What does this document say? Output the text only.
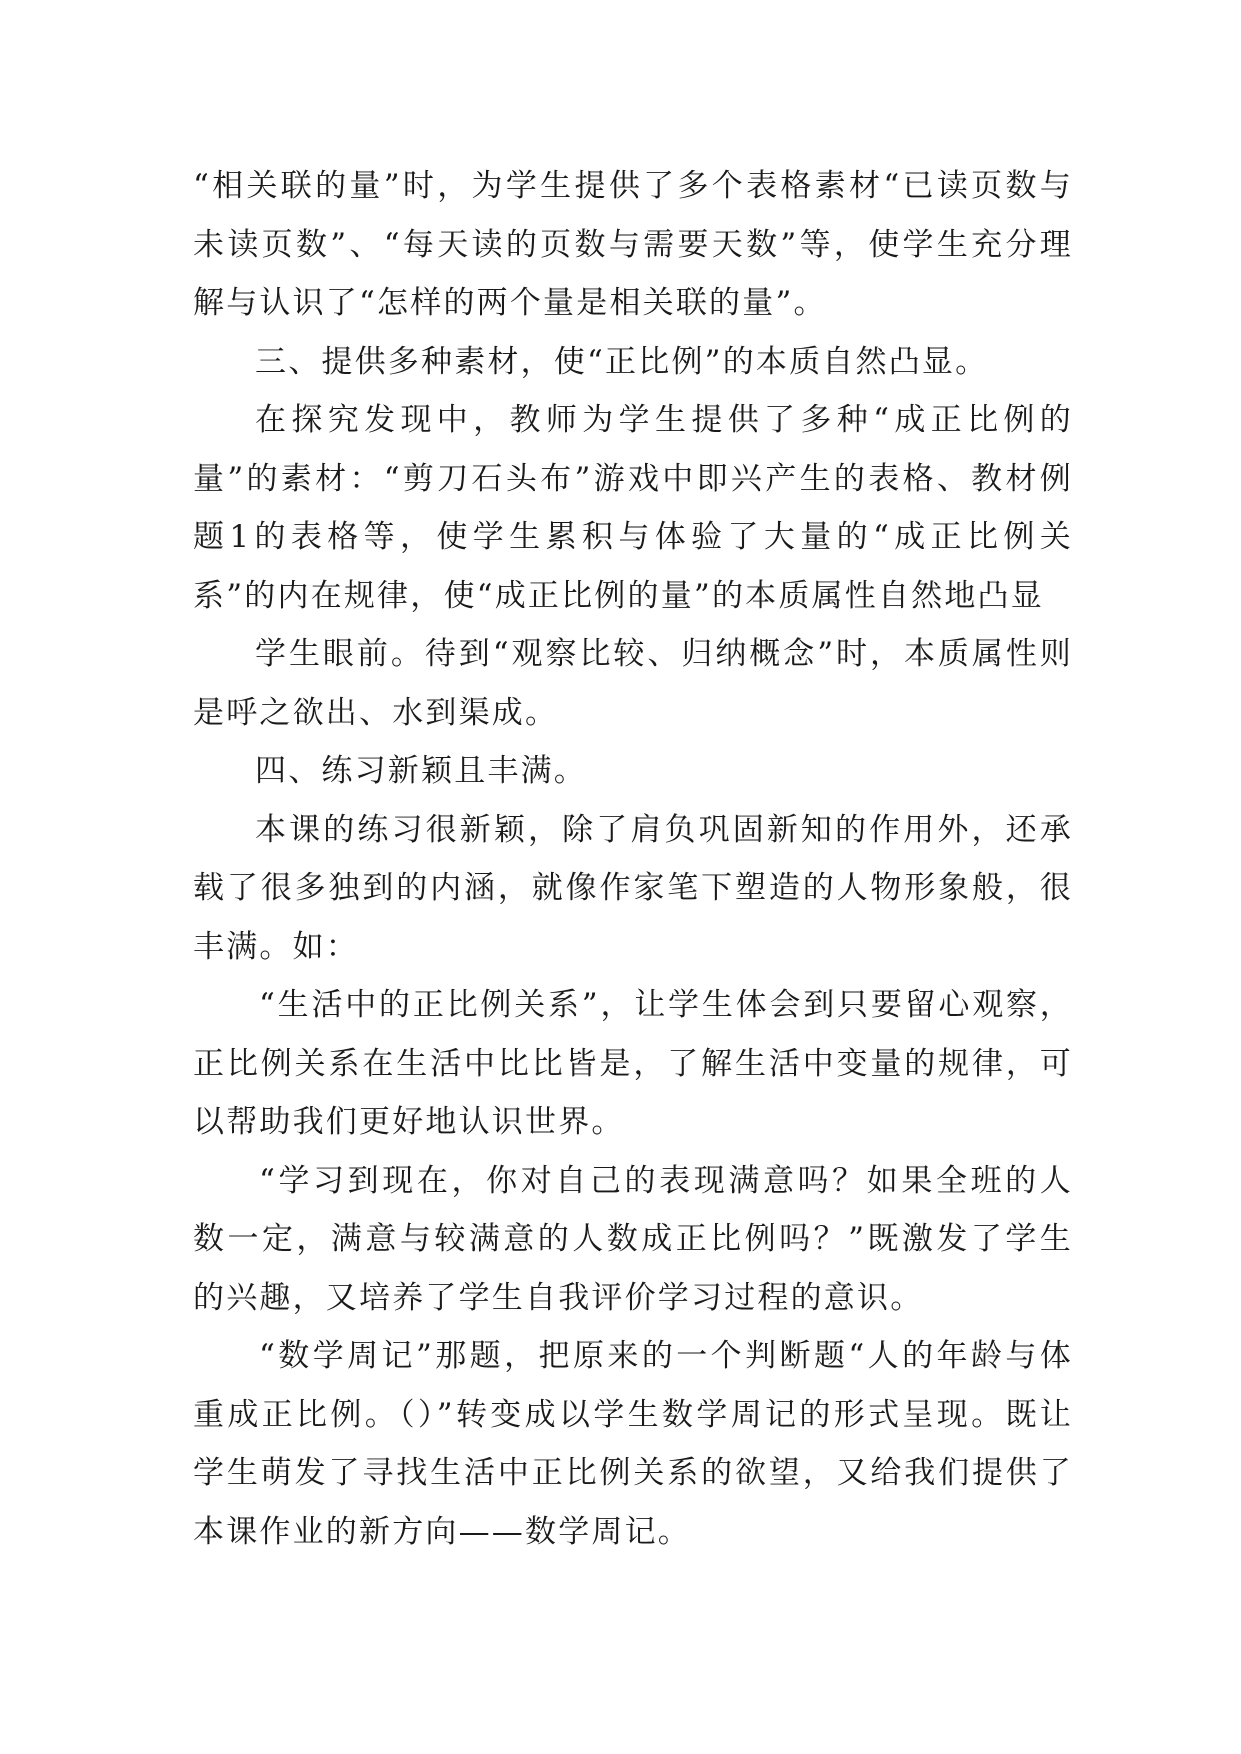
“相关联的量”时，为学生提供了多个表格素材“已读页数与未读页数”、“每天读的页数与需要天数”等，使学生充分理解与认识了“怎样的两个量是相关联的量”。

三、提供多种素材，使“正比例”的本质自然凸显。

在探究发现中，教师为学生提供了多种“成正比例的量”的素材：“剪刀石头布”游戏中即兴产生的表格、教材例题1的表格等，使学生累积与体验了大量的“成正比例关系”的内在规律，使“成正比例的量”的本质属性自然地凸显

学生眼前。待到“观察比较、归纳概念”时，本质属性则是呼之欲出、水到渠成。

四、练习新颖且丰满。

本课的练习很新颖，除了肩负巩固新知的作用外，还承载了很多独到的内涵，就像作家笔下塑造的人物形象般，很丰满。如：

“生活中的正比例关系”，让学生体会到只要留心观察，正比例关系在生活中比比皆是，了解生活中变量的规律，可以帮助我们更好地认识世界。

“学习到现在，你对自己的表现满意吗？如果全班的人数一定，满意与较满意的人数成正比例吗？”既激发了学生的兴趣，又培养了学生自我评价学习过程的意识。

“数学周记”那题，把原来的一个判断题“人的年龄与体重成正比例。（）”转变成以学生数学周记的形式呈现。既让学生萌发了寻找生活中正比例关系的欲望，又给我们提供了本课作业的新方向——数学周记。
